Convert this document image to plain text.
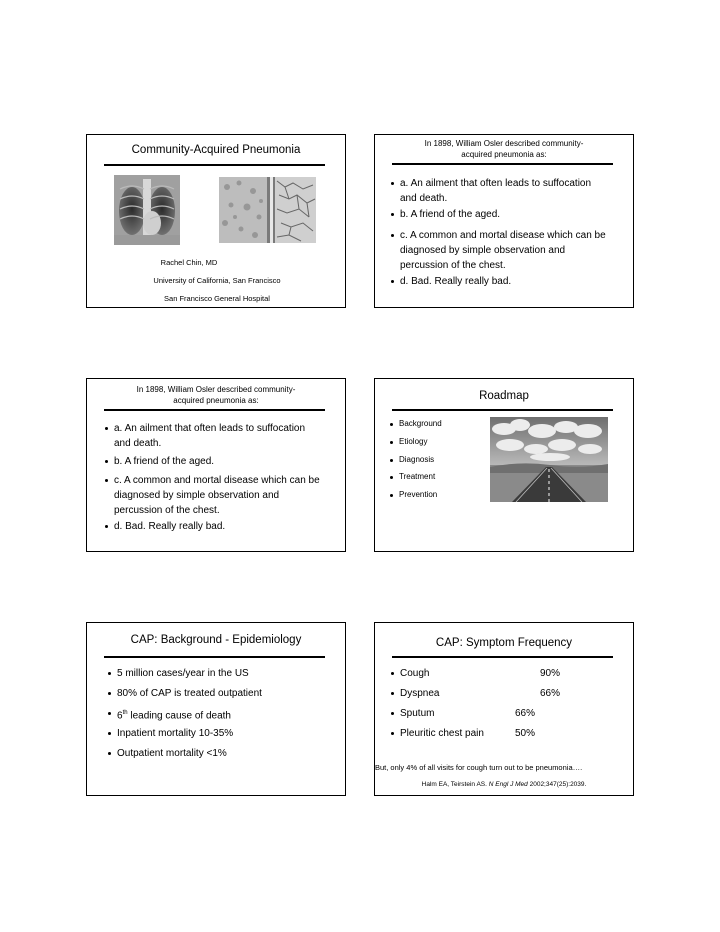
Community-Acquired Pneumonia
Rachel Chin, MD
University of California, San Francisco
San Francisco General Hospital
In 1898, William Osler described community-
acquired pneumonia as:
a. An ailment that often leads to suffocation
and death.
b. A friend of the aged.
c. A common and mortal disease which can be
diagnosed by simple observation and
percussion of the chest.
d. Bad. Really really bad.
In 1898, William Osler described community-
acquired pneumonia as:
a. An ailment that often leads to suffocation
and death.
b. A friend of the aged.
c. A common and mortal disease which can be
diagnosed by simple observation and
percussion of the chest.
d. Bad. Really really bad.
Roadmap
Background
Etiology
Diagnosis
Treatment
Prevention
CAP: Background - Epidemiology
5 million cases/year in the US
80% of CAP is treated outpatient
6th leading cause of death
Inpatient mortality 10-35%
Outpatient mortality <1%
CAP: Symptom Frequency
Cough	90%
Dyspnea	66%
Sputum	66%
Pleuritic chest pain	50%
But, only 4% of all visits for cough turn out to be pneumonia….
Halm EA, Teirstein AS. N Engl J Med 2002;347(25):2039.
